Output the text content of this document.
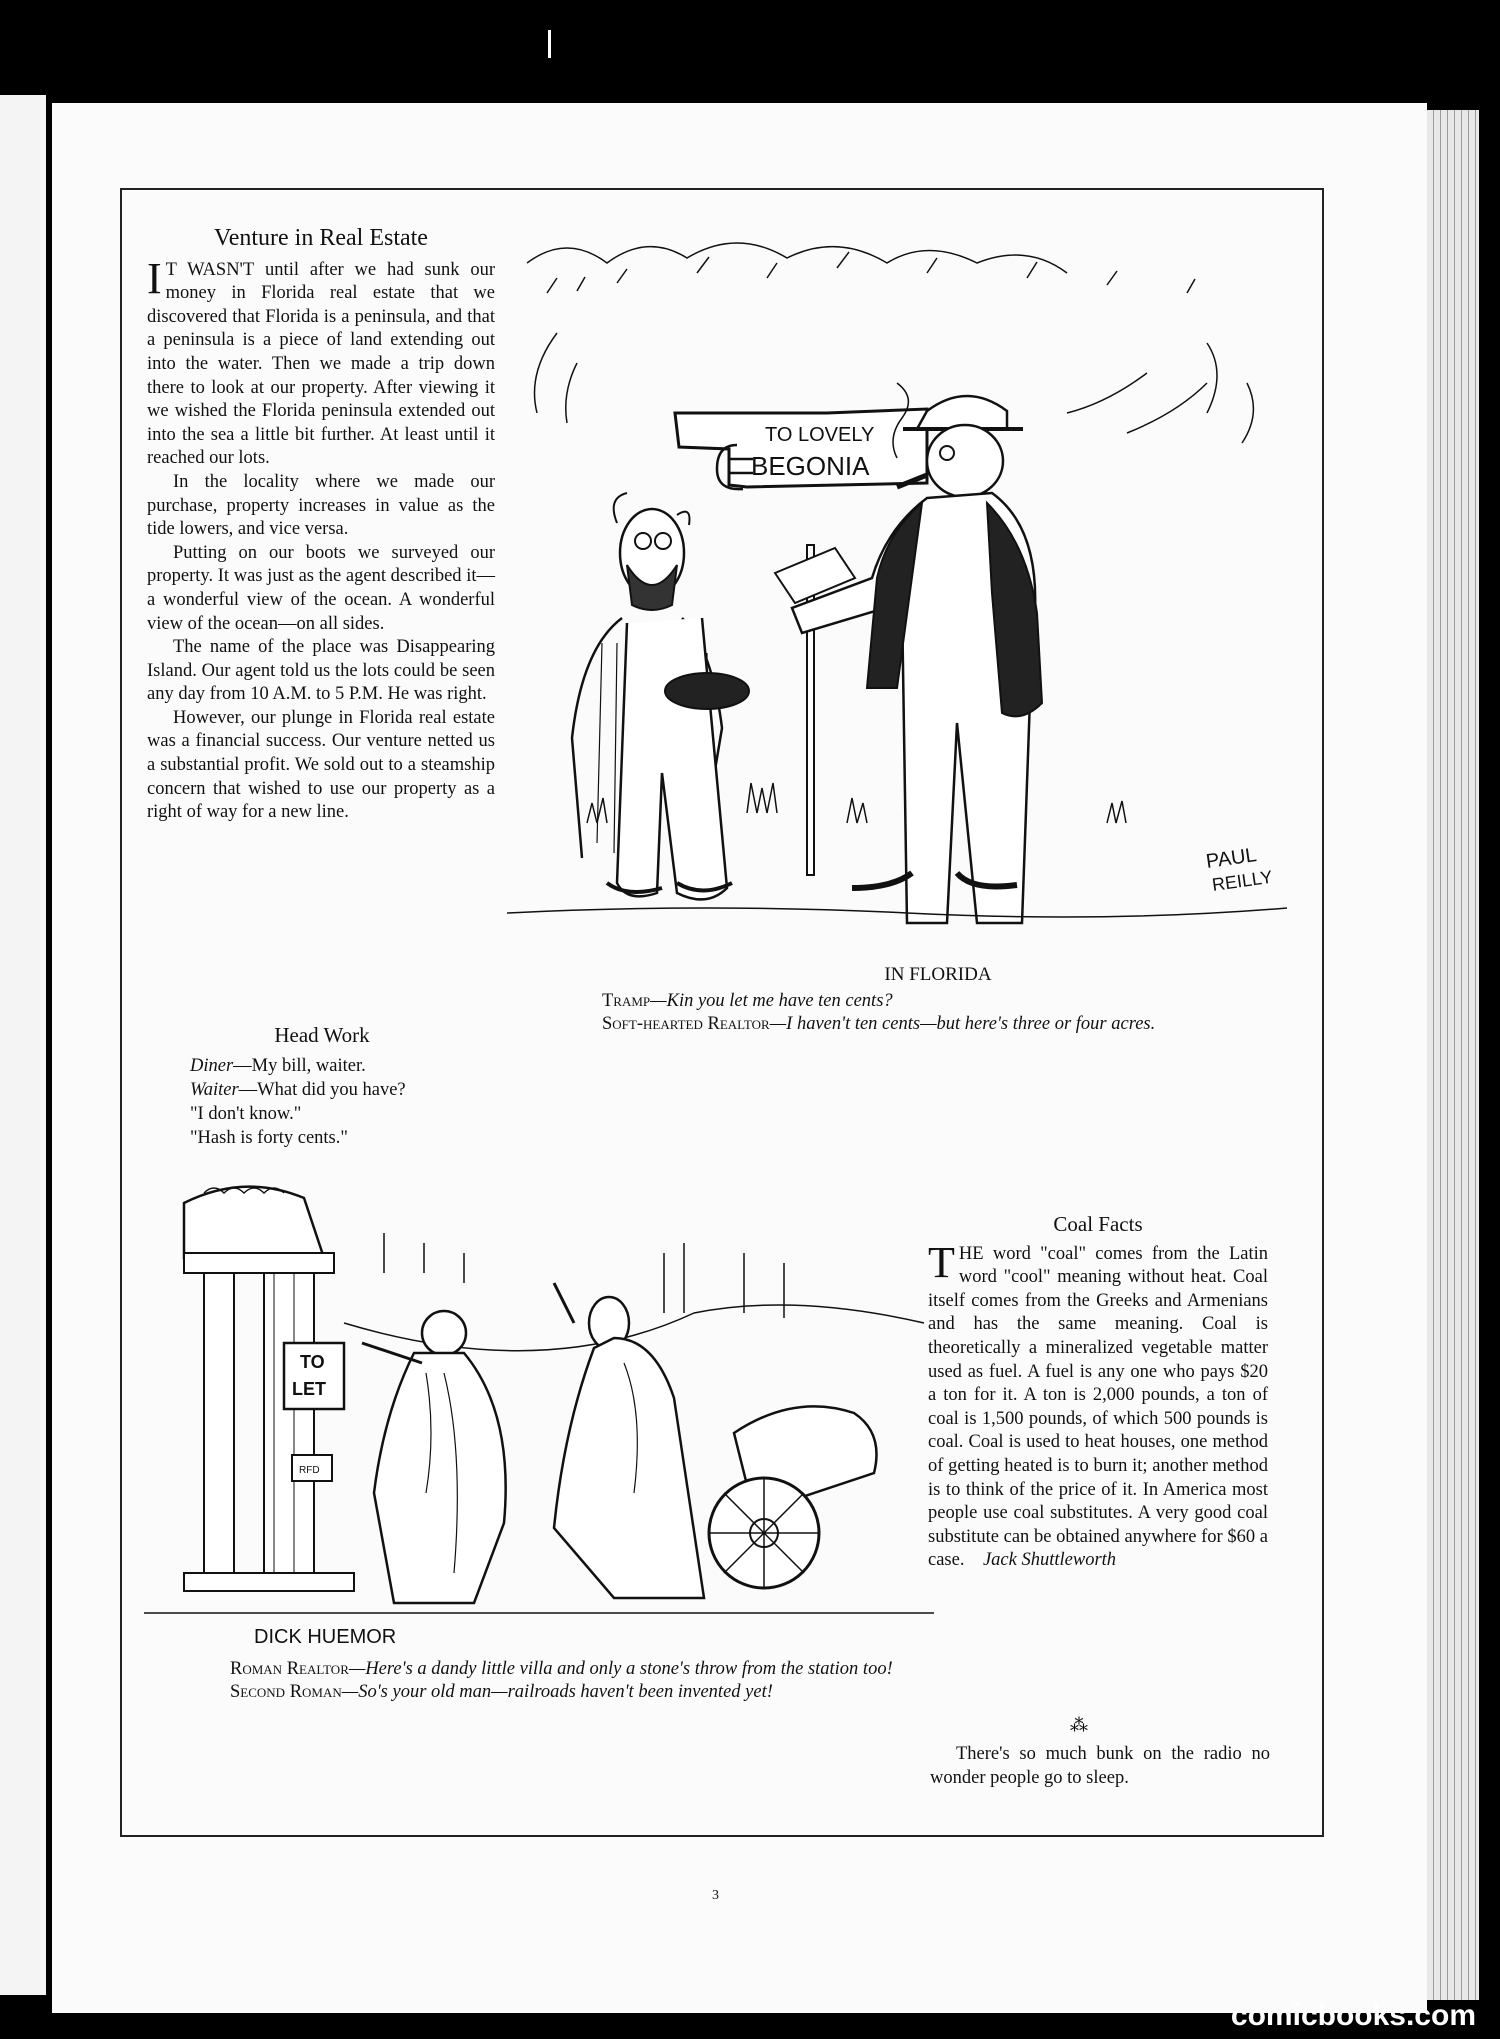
Venture in Real Estate

I T WASN'T until after we had sunk our money in Florida real estate that we discovered that Florida is a peninsula, and that a peninsula is a piece of land extending out into the water. Then we made a trip down there to look at our property. After viewing it we wished the Florida peninsula extended out into the sea a little bit further. At least until it reached our lots.

In the locality where we made our purchase, property increases in value as the tide lowers, and vice versa.

Putting on our boots we surveyed our property. It was just as the agent described it—a wonderful view of the ocean. A wonderful view of the ocean—on all sides.

The name of the place was Disappearing Island. Our agent told us the lots could be seen any day from 10 A.M. to 5 P.M. He was right.

However, our plunge in Florida real estate was a financial success. Our venture netted us a substantial profit. We sold out to a steamship concern that wished to use our property as a right of way for a new line.

Head Work
Diner—My bill, waiter.
Waiter—What did you have?
"I don't know."
"Hash is forty cents."
TO LOVELY
BEGONIA
PAUL
REILLY
IN FLORIDA
Tramp—Kin you let me have ten cents?
Soft-hearted Realtor—I haven't ten cents—but here's three or four acres.
TO
LET
RFD
DICK HUEMOR
Roman Realtor—Here's a dandy little villa and only a stone's throw from the station too!
Second Roman—So's your old man—railroads haven't been invented yet!
Coal Facts

THE word "coal" comes from the Latin word "cool" meaning without heat. Coal itself comes from the Greeks and Armenians and has the same meaning. Coal is theoretically a mineralized vegetable matter used as fuel. A fuel is any one who pays $20 a ton for it. A ton is 2,000 pounds, a ton of coal is 1,500 pounds, of which 500 pounds is coal. Coal is used to heat houses, one method of getting heated is to burn it; another method is to think of the price of it. In America most people use coal substitutes. A very good coal substitute can be obtained anywhere for $60 a case. Jack Shuttleworth

⁂

There's so much bunk on the radio no wonder people go to sleep.

3
comicbooks.com
